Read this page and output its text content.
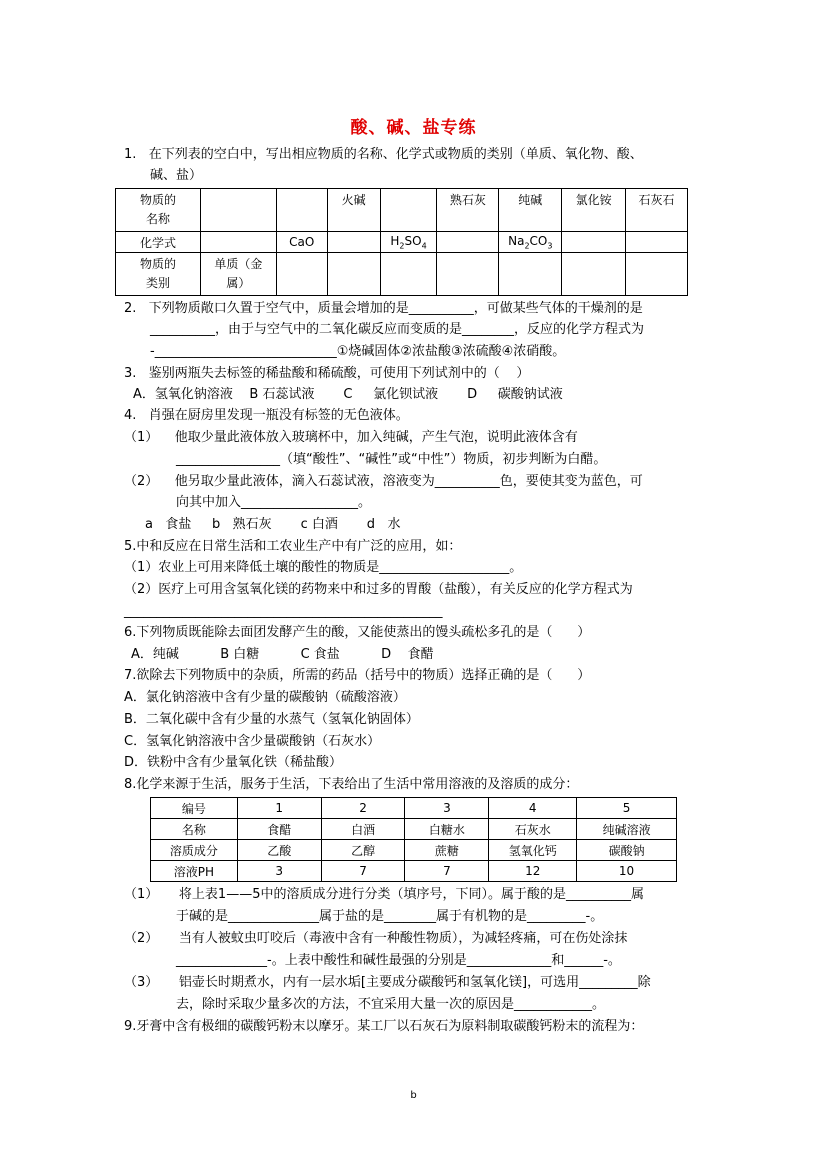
酸、碱、盐专练
1.   在下列表的空白中，写出相应物质的名称、化学式或物质的类别（单质、氧化物、酸、
碱、盐）
物质的名称			火碱		熟石灰	纯碱	氯化铵	石灰石
化学式		CaO		$H_2SO_4$		$Na_2CO_3$		
物质的类别	单质（金属）							
2.   下列物质敞口久置于空气中，质量会增加的是__________，可做某些气体的干燥剂的是
__________，由于与空气中的二氧化碳反应而变质的是________，反应的化学方程式为
-____________________________①烧碱固体②浓盐酸③浓硫酸④浓硝酸。
3.   鉴别两瓶失去标签的稀盐酸和稀硫酸，可使用下列试剂中的（    ）
A．氢氧化钠溶液    B 石蕊试液       C     氯化钡试液       D     碳酸钠试液
4.   肖强在厨房里发现一瓶没有标签的无色液体。
（1）    他取少量此液体放入玻璃杯中，加入纯碱，产生气泡，说明此液体含有
________________（填“酸性”、“碱性”或“中性”）物质，初步判断为白醋。
（2）    他另取少量此液体，滴入石蕊试液，溶液变为__________色，要使其变为蓝色，可
向其中加入__________________。
a   食盐     b   熟石灰       c 白酒       d   水
5.中和反应在日常生活和工农业生产中有广泛的应用，如：
（1）农业上可用来降低土壤的酸性的物质是____________________。
（2）医疗上可用含氢氧化镁的药物来中和过多的胃酸（盐酸），有关反应的化学方程式为
_________________________________________________
6.下列物质既能除去面团发酵产生的酸，又能使蒸出的馒头疏松多孔的是（      ）
A．纯碱          B 白糖          C 食盐          D    食醋
7.欲除去下列物质中的杂质，所需的药品（括号中的物质）选择正确的是（      ）
A．氯化钠溶液中含有少量的碳酸钠（硫酸溶液）
B．二氧化碳中含有少量的水蒸气（氢氧化钠固体）
C．氢氧化钠溶液中含少量碳酸钠（石灰水）
D．铁粉中含有少量氧化铁（稀盐酸）
8.化学来源于生活，服务于生活，下表给出了生活中常用溶液的及溶质的成分：
编号	1	2	3	4	5
名称	食醋	白酒	白糖水	石灰水	纯碱溶液
溶质成分	乙酸	乙醇	蔗糖	氢氧化钙	碳酸钠
溶液PH	3	7	7	12	10
（1）     将上表1——5中的溶质成分进行分类（填序号，下同）。属于酸的是__________属
于碱的是______________属于盐的是________属于有机物的是_________-。
（2）     当有人被蚊虫叮咬后（毒液中含有一种酸性物质），为减轻疼痛，可在伤处涂抹
______________-。上表中酸性和碱性最强的分别是_____________和______-。
（3）     铝壶长时期煮水，内有一层水垢[主要成分碳酸钙和氢氧化镁]，可选用_________除
去，除时采取少量多次的方法，不宜采用大量一次的原因是____________。
9.牙膏中含有极细的碳酸钙粉末以摩牙。某工厂以石灰石为原料制取碳酸钙粉末的流程为：
b
